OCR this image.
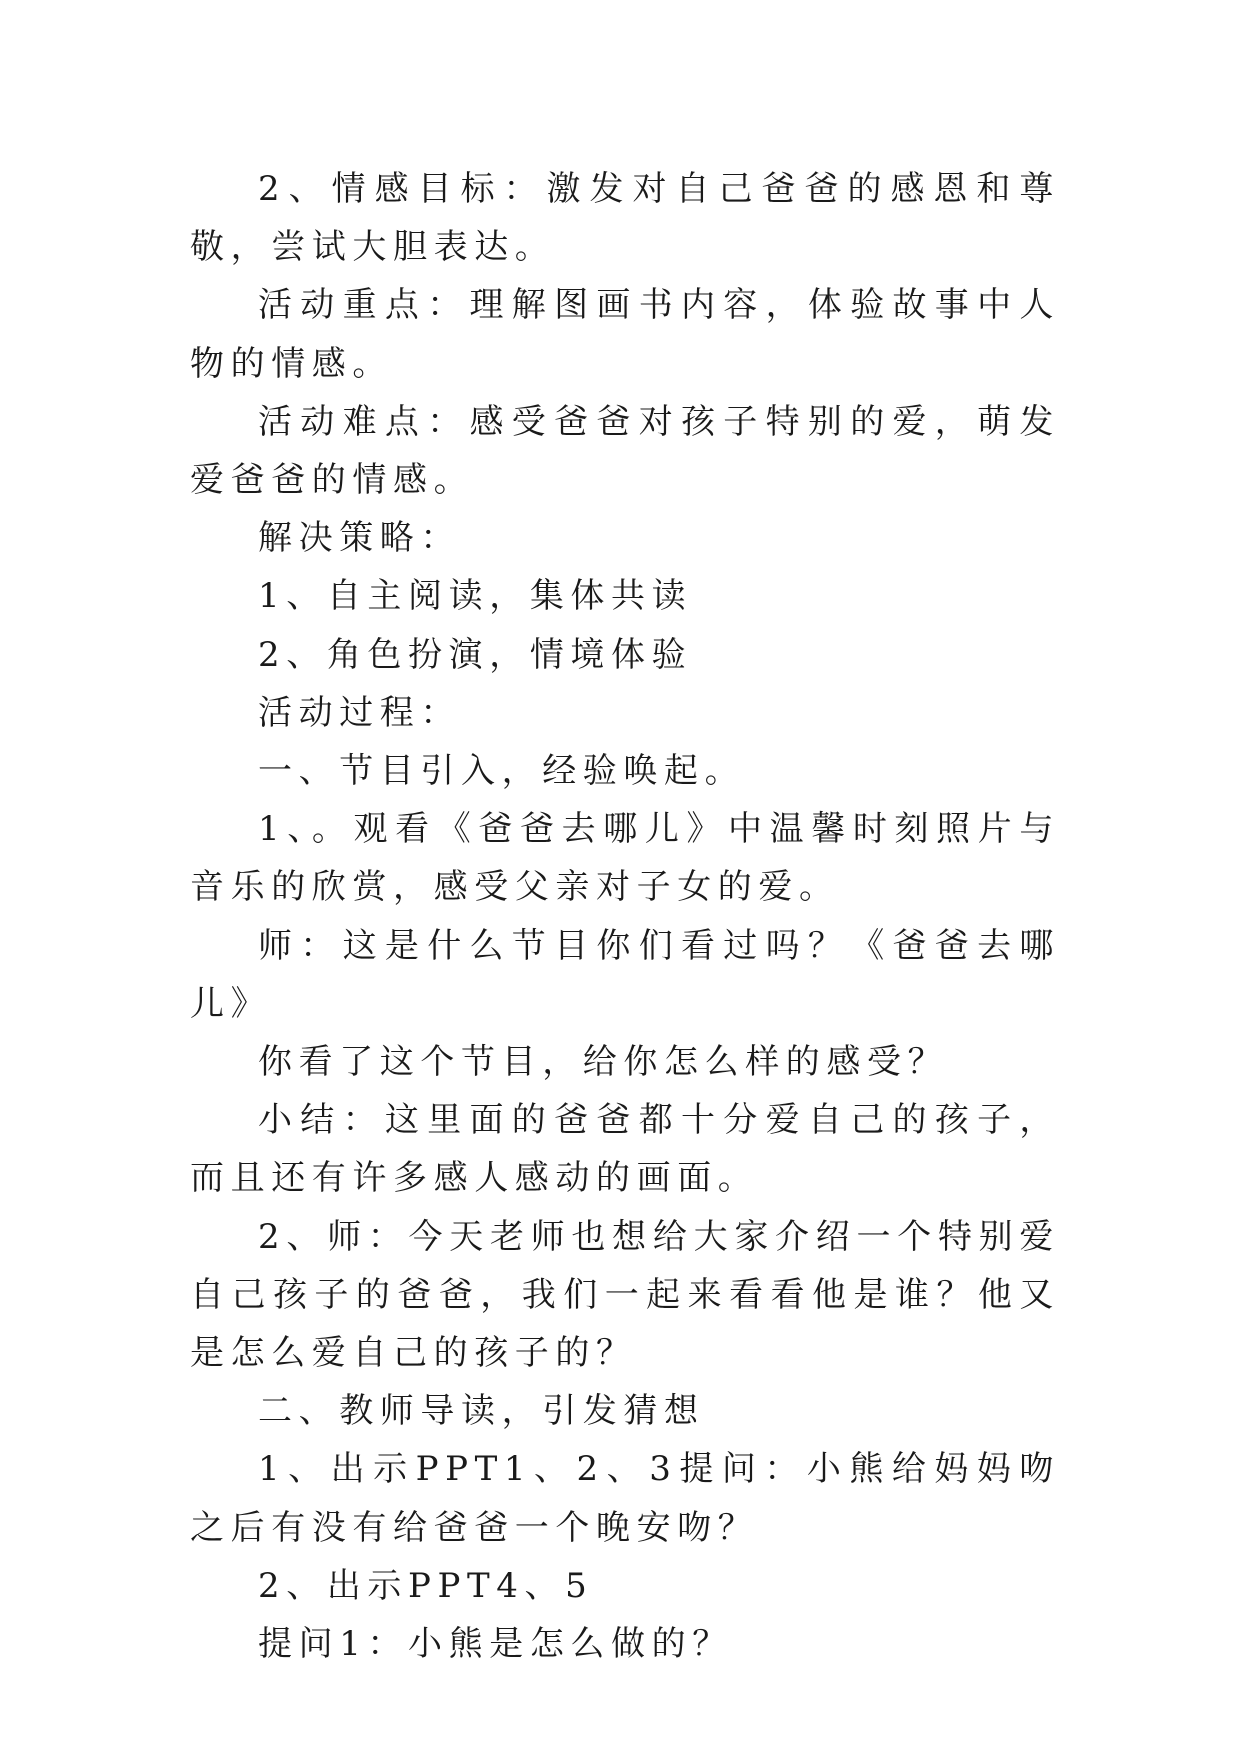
2、情感目标：激发对自己爸爸的感恩和尊敬，尝试大胆表达。

活动重点：理解图画书内容，体验故事中人物的情感。

活动难点：感受爸爸对孩子特别的爱，萌发爱爸爸的情感。

解决策略：

1、自主阅读，集体共读

2、角色扮演，情境体验

活动过程：

一、节目引入，经验唤起。

1、。观看《爸爸去哪儿》中温馨时刻照片与音乐的欣赏，感受父亲对子女的爱。

师：这是什么节目你们看过吗？《爸爸去哪儿》

你看了这个节目，给你怎么样的感受？

小结：这里面的爸爸都十分爱自己的孩子，而且还有许多感人感动的画面。

2、师：今天老师也想给大家介绍一个特别爱自己孩子的爸爸，我们一起来看看他是谁？他又是怎么爱自己的孩子的？

二、教师导读，引发猜想

1、出示PPT1、2、3提问：小熊给妈妈吻之后有没有给爸爸一个晚安吻？

2、出示PPT4、5

提问1：小熊是怎么做的？
